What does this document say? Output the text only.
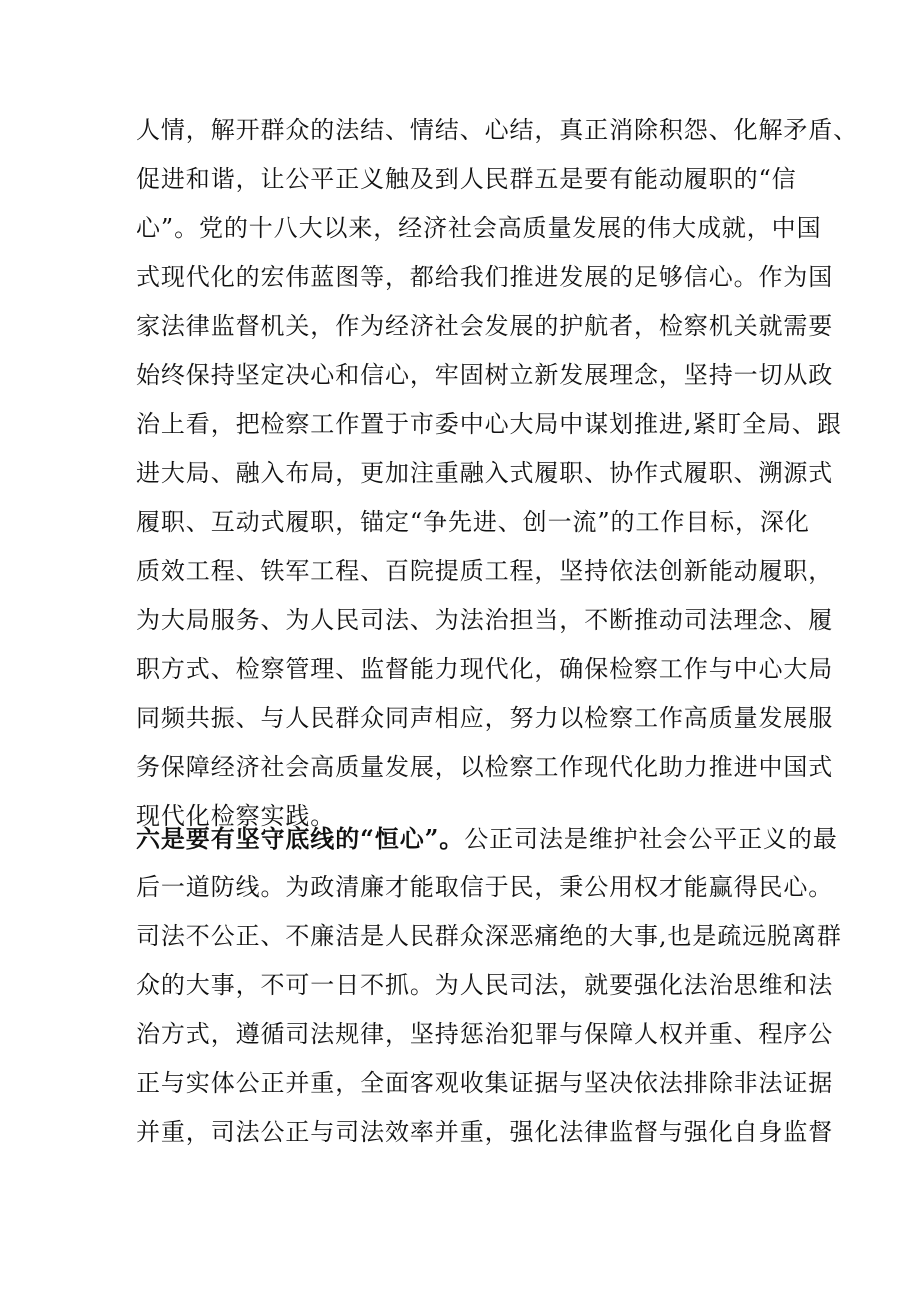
人情，解开群众的法结、情结、心结，真正消除积怨、化解矛盾、
促进和谐，让公平正义触及到人民群五是要有能动履职的“信
心”。党的十八大以来，经济社会高质量发展的伟大成就，中国
式现代化的宏伟蓝图等，都给我们推进发展的足够信心。作为国
家法律监督机关，作为经济社会发展的护航者，检察机关就需要
始终保持坚定决心和信心，牢固树立新发展理念，坚持一切从政
治上看，把检察工作置于市委中心大局中谋划推进,紧盯全局、跟
进大局、融入布局，更加注重融入式履职、协作式履职、溯源式
履职、互动式履职，锚定“争先进、创一流”的工作目标，深化
质效工程、铁军工程、百院提质工程，坚持依法创新能动履职，
为大局服务、为人民司法、为法治担当，不断推动司法理念、履
职方式、检察管理、监督能力现代化，确保检察工作与中心大局
同频共振、与人民群众同声相应，努力以检察工作高质量发展服
务保障经济社会高质量发展，以检察工作现代化助力推进中国式
现代化检察实践。
六是要有坚守底线的“恒心”。公正司法是维护社会公平正义的最
后一道防线。为政清廉才能取信于民，秉公用权才能赢得民心。
司法不公正、不廉洁是人民群众深恶痛绝的大事,也是疏远脱离群
众的大事，不可一日不抓。为人民司法，就要强化法治思维和法
治方式，遵循司法规律，坚持惩治犯罪与保障人权并重、程序公
正与实体公正并重，全面客观收集证据与坚决依法排除非法证据
并重，司法公正与司法效率并重，强化法律监督与强化自身监督
